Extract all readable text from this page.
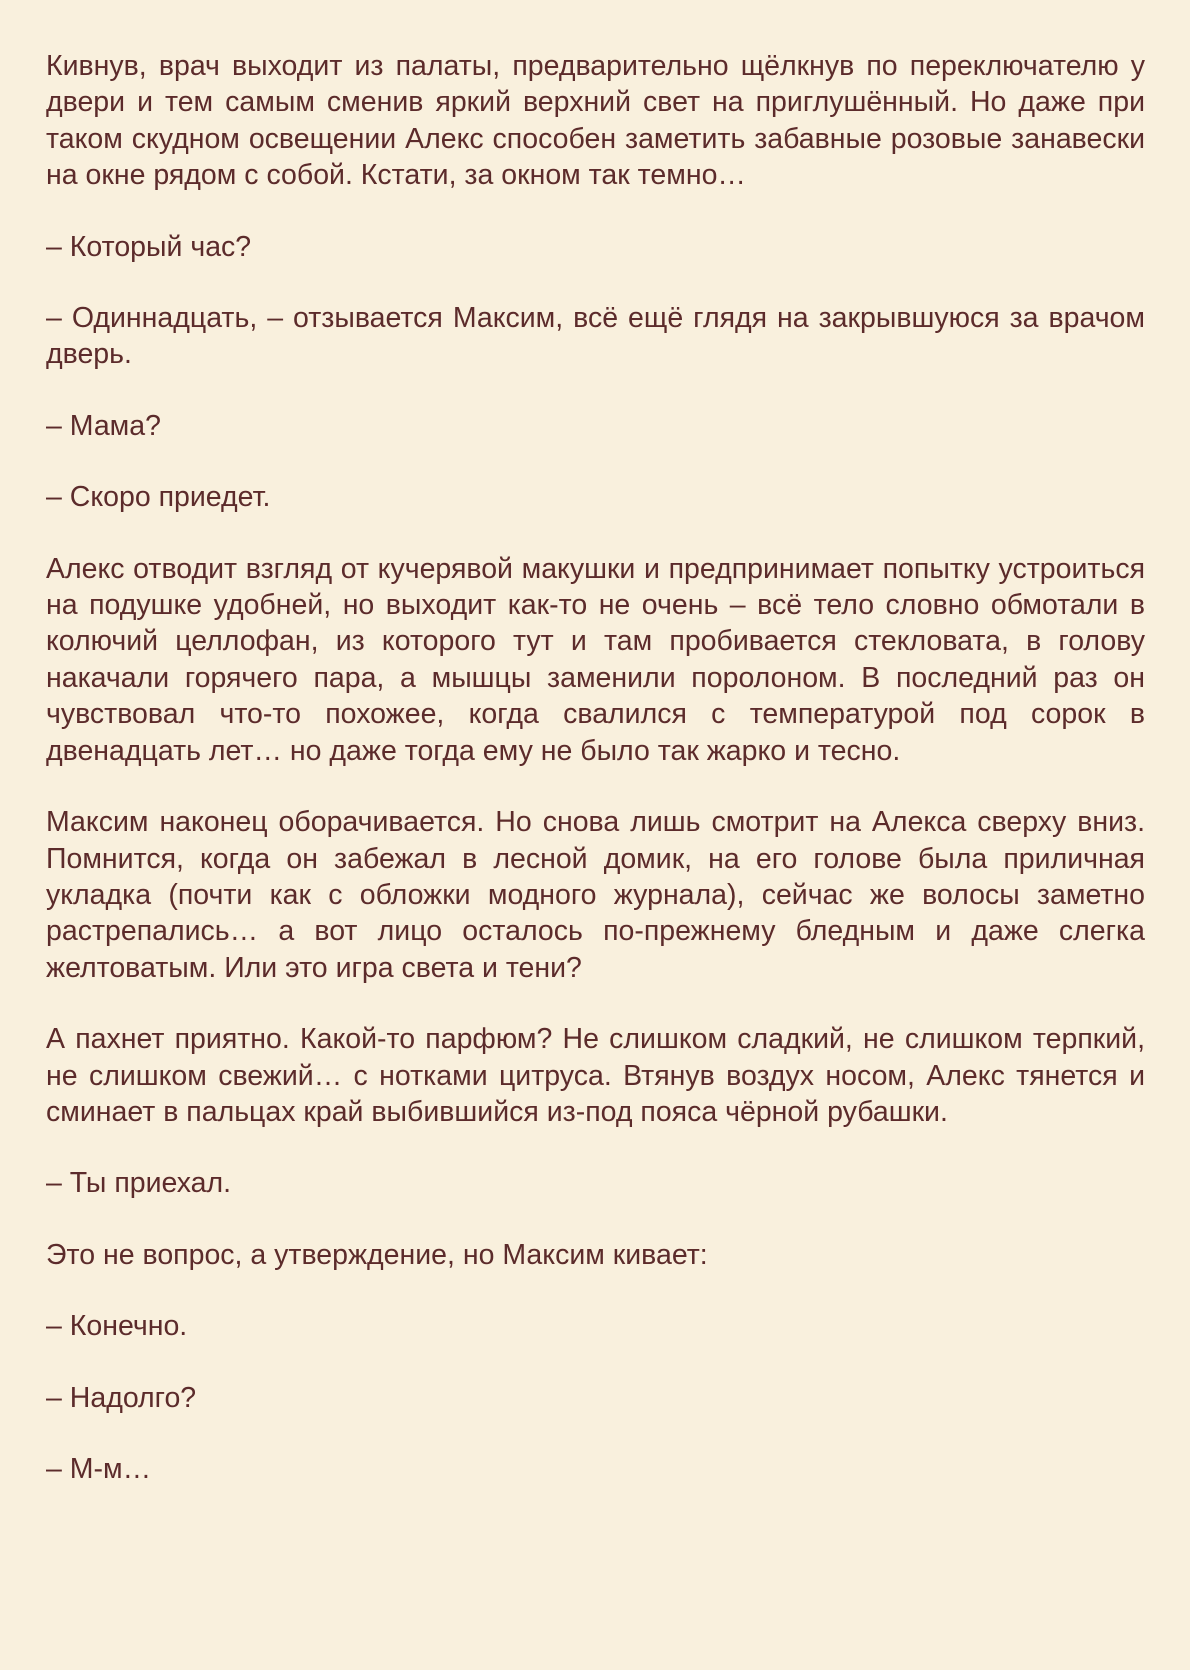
Кивнув, врач выходит из палаты, предварительно щёлкнув по переключателю у двери и тем самым сменив яркий верхний свет на приглушённый. Но даже при таком скудном освещении Алекс способен заметить забавные розовые занавески на окне рядом с собой. Кстати, за окном так темно…

– Который час?

– Одиннадцать, – отзывается Максим, всё ещё глядя на закрывшуюся за врачом дверь.

– Мама?

– Скоро приедет.

Алекс отводит взгляд от кучерявой макушки и предпринимает попытку устроиться на подушке удобней, но выходит как-то не очень – всё тело словно обмотали в колючий целлофан, из которого тут и там пробивается стекловата, в голову накачали горячего пара, а мышцы заменили поролоном. В последний раз он чувствовал что-то похожее, когда свалился с температурой под сорок в двенадцать лет… но даже тогда ему не было так жарко и тесно.

Максим наконец оборачивается. Но снова лишь смотрит на Алекса сверху вниз. Помнится, когда он забежал в лесной домик, на его голове была приличная укладка (почти как с обложки модного журнала), сейчас же волосы заметно растрепались… а вот лицо осталось по-прежнему бледным и даже слегка желтоватым. Или это игра света и тени?

А пахнет приятно. Какой-то парфюм? Не слишком сладкий, не слишком терпкий, не слишком свежий… с нотками цитруса. Втянув воздух носом, Алекс тянется и сминает в пальцах край выбившийся из-под пояса чёрной рубашки.

– Ты приехал.

Это не вопрос, а утверждение, но Максим кивает:

– Конечно.

– Надолго?

– М-м…
